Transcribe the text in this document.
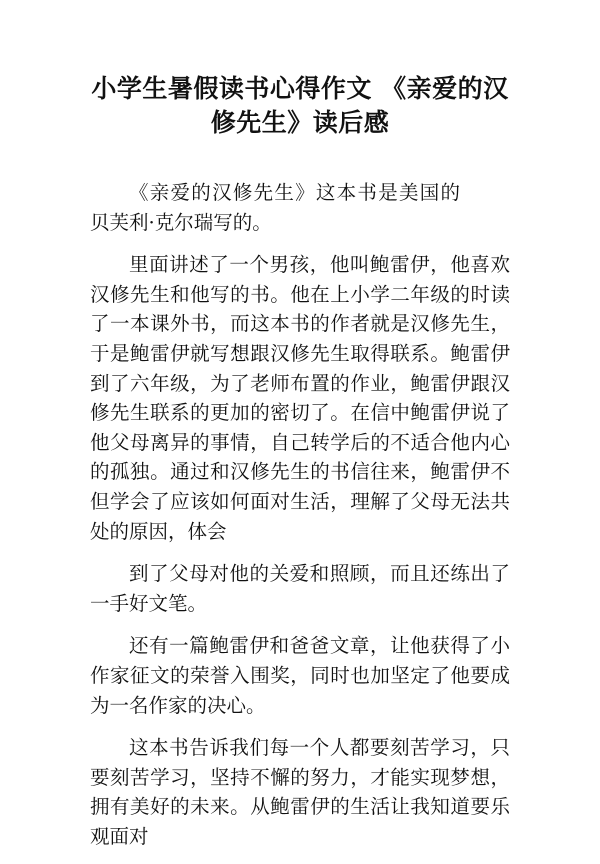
小学生暑假读书心得作文 《亲爱的汉修先生》读后感

《亲爱的汉修先生》这本书是美国的贝芙利·克尔瑞写的。

里面讲述了一个男孩，他叫鲍雷伊，他喜欢汉修先生和他写的书。他在上小学二年级的时读了一本课外书，而这本书的作者就是汉修先生，于是鲍雷伊就写想跟汉修先生取得联系。鲍雷伊到了六年级，为了老师布置的作业，鲍雷伊跟汉修先生联系的更加的密切了。在信中鲍雷伊说了他父母离异的事情，自己转学后的不适合他内心的孤独。通过和汉修先生的书信往来，鲍雷伊不但学会了应该如何面对生活，理解了父母无法共处的原因，体会

到了父母对他的关爱和照顾，而且还练出了一手好文笔。

还有一篇鲍雷伊和爸爸文章，让他获得了小作家征文的荣誉入围奖，同时也加坚定了他要成为一名作家的决心。

这本书告诉我们每一个人都要刻苦学习，只要刻苦学习，坚持不懈的努力，才能实现梦想，拥有美好的未来。从鲍雷伊的生活让我知道要乐观面对
